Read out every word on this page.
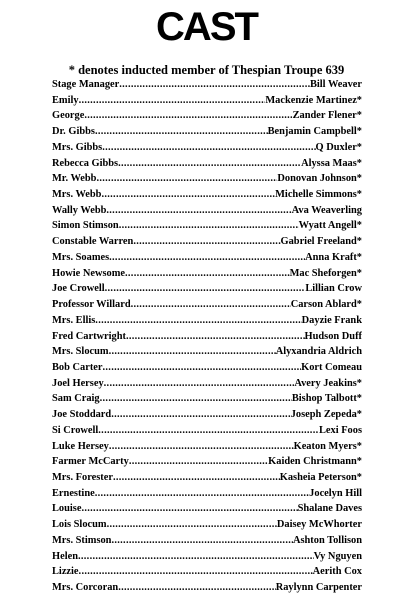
CAST
* denotes inducted member of Thespian Troupe 639
Stage Manager .....	Bill Weaver
Emily .....	Mackenzie Martinez*
George .....	Zander Flener*
Dr. Gibbs .....	Benjamin Campbell*
Mrs. Gibbs .....	Q Duxler*
Rebecca Gibbs .....	Alyssa Maas*
Mr. Webb .....	Donovan Johnson*
Mrs. Webb .....	Michelle Simmons*
Wally Webb .....	Ava Weaverling
Simon Stimson .....	Wyatt Angell*
Constable Warren .....	Gabriel Freeland*
Mrs. Soames .....	Anna Kraft*
Howie Newsome .....	Mac Sheforgen*
Joe Crowell .....	Lillian Crow
Professor Willard .....	Carson Ablard*
Mrs. Ellis .....	Dayzie Frank
Fred Cartwright .....	Hudson Duff
Mrs. Slocum .....	Alyxandria Aldrich
Bob Carter .....	Kort Comeau
Joel Hersey .....	Avery Jeakins*
Sam Craig .....	Bishop Talbott*
Joe Stoddard .....	Joseph Zepeda*
Si Crowell .....	Lexi Foos
Luke Hersey .....	Keaton Myers*
Farmer McCarty .....	Kaiden Christmann*
Mrs. Forester .....	Kasheia Peterson*
Ernestine .....	Jocelyn Hill
Louise .....	Shalane Daves
Lois Slocum .....	Daisey McWhorter
Mrs. Stimson .....	Ashton Tollison
Helen .....	Vy Nguyen
Lizzie .....	Aerith Cox
Mrs. Corcoran .....	Raylynn Carpenter
